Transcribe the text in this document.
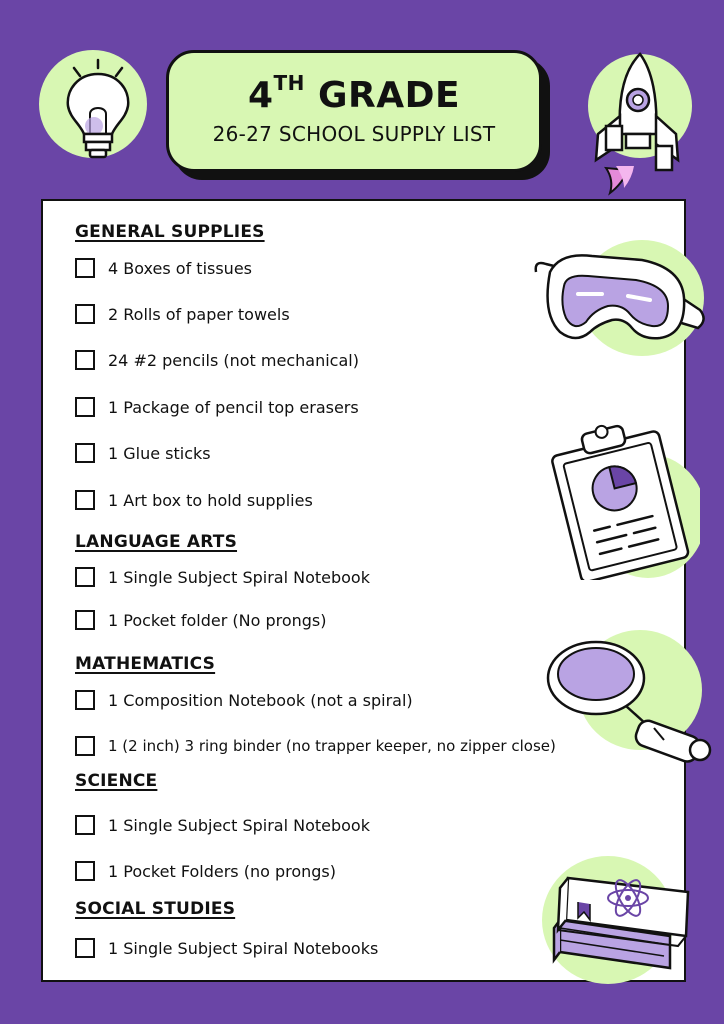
4TH GRADE
26-27 SCHOOL SUPPLY LIST
GENERAL SUPPLIES
4 Boxes of tissues
2 Rolls of paper towels
24 #2 pencils (not mechanical)
1 Package of pencil top erasers
1 Glue sticks
1 Art box to hold supplies
LANGUAGE ARTS
1 Single Subject Spiral Notebook
1 Pocket folder (No prongs)
MATHEMATICS
1 Composition Notebook (not a spiral)
1 (2 inch) 3 ring binder (no trapper keeper, no zipper close)
SCIENCE
1 Single Subject Spiral Notebook
1 Pocket Folders (no prongs)
SOCIAL STUDIES
1 Single Subject Spiral Notebooks
